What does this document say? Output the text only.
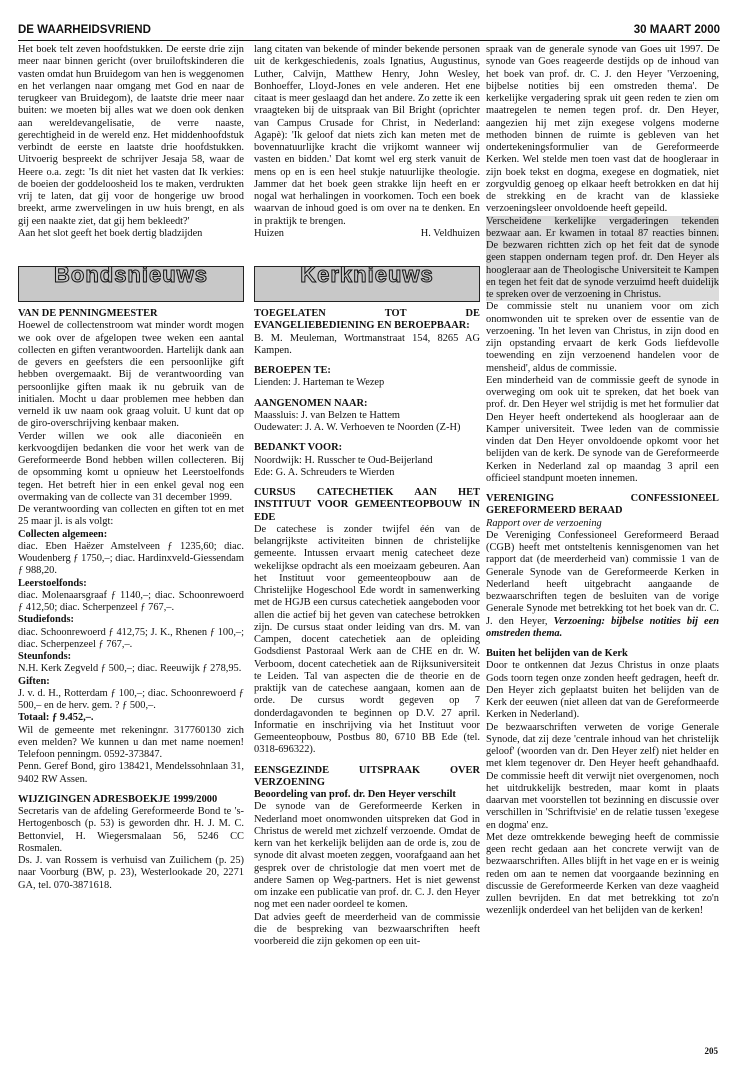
DE WAARHEIDSVRIEND	30 MAART 2000

Het boek telt zeven hoofdstukken. De eerste drie zijn meer naar binnen gericht (over bruiloftskinderen die vasten omdat hun Bruidegom van hen is weggenomen en het verlangen naar omgang met God en naar de terugkeer van Bruidegom), de laatste drie meer naar buiten: we moeten bij alles wat we doen ook denken aan wereldevangelisatie, de verre naaste, gerechtigheid in de wereld enz. Het middenhoofdstuk verbindt de eerste en laatste drie hoofdstukken. Uitvoerig bespreekt de schrijver Jesaja 58, waar de Heere o.a. zegt: 'Is dit niet het vasten dat Ik verkies: de boeien der goddeloosheid los te maken, verdrukten vrij te laten, dat gij voor de hongerige uw brood breekt, arme zwervelingen in uw huis brengt, en als gij een naakte ziet, dat gij hem bekleedt?'

Aan het slot geeft het boek dertig bladzijden

Bondsnieuws

VAN DE PENNINGMEESTER

Hoewel de collectenstroom wat minder wordt mogen we ook over de afgelopen twee weken een aantal collecten en giften verantwoorden. Hartelijk dank aan de gevers en geefsters die een persoonlijke gift hebben overgemaakt. Bij de verantwoording van persoonlijke giften maak ik nu gebruik van de initialen. Mocht u daar problemen mee hebben dan verneld ik uw naam ook graag voluit. U kunt dat op de giro-overschrijving kenbaar maken.

Verder willen we ook alle diaconieën en kerkvoogdijen bedanken die voor het werk van de Gereformeerde Bond hebben willen collecteren. Bij de opsomming komt u opnieuw het Leerstoelfonds tegen. Het betreft hier in een enkel geval nog een overmaking van de collecte van 31 december 1999.

De verantwoording van collecten en giften tot en met 25 maar jl. is als volgt:

Collecten algemeen:

diac. Eben Haëzer Amstelveen ƒ 1235,60; diac. Woudenberg ƒ 1750,–; diac. Hardinxveld-Giessendam ƒ 988,20.

Leerstoelfonds:

diac. Molenaarsgraaf ƒ 1140,–; diac. Schoonrewoerd ƒ 412,50; diac. Scherpenzeel ƒ 767,–.

Studiefonds:

diac. Schoonrewoerd ƒ 412,75; J. K., Rhenen ƒ 100,–; diac. Scherpenzeel ƒ 767,–.

Steunfonds:

N.H. Kerk Zegveld ƒ 500,–; diac. Reeuwijk ƒ 278,95.

Giften:

J. v. d. H., Rotterdam ƒ 100,–; diac. Schoonrewoerd ƒ 500,– en de herv. gem. ? ƒ 500,–.

Totaal: ƒ 9.452,–.

Wil de gemeente met rekeningnr. 317760130 zich even melden? We kunnen u dan met name noemen! Telefoon penningm. 0592-373847.

Penn. Geref Bond, giro 138421, Mendelssohnlaan 31, 9402 RW Assen.

WIJZIGINGEN ADRESBOEKJE 1999/2000

Secretaris van de afdeling Gereformeerde Bond te 's-Hertogenbosch (p. 53) is geworden dhr. H. J. M. C. Bettonviel, H. Wiegersmalaan 56, 5246 CC Rosmalen.

Ds. J. van Rossem is verhuisd van Zuilichem (p. 25) naar Voorburg (BW, p. 23), Westerlookade 20, 2271 GA, tel. 070-3871618.

lang citaten van bekende of minder bekende personen uit de kerkgeschiedenis, zoals Ignatius, Augustinus, Luther, Calvijn, Matthew Henry, John Wesley, Bonhoeffer, Lloyd-Jones en vele anderen. Het ene citaat is meer geslaagd dan het andere. Zo zette ik een vraagteken bij de uitspraak van Bil Bright (oprichter van Campus Crusade for Christ, in Nederland: Agapè): 'Ik geloof dat niets zich kan meten met de bovennatuurlijke kracht die vrijkomt wanneer wij vasten en bidden.' Dat komt wel erg sterk vanuit de mens op en is een heel stukje natuurlijke theologie. Jammer dat het boek geen strakke lijn heeft en er nogal wat herhalingen in voorkomen. Toch een boek waarvan de inhoud goed is om over na te denken. En in praktijk te brengen.

Huizen	H. Veldhuizen
Kerknieuws

TOEGELATEN TOT DE EVANGELIEBEDIENING EN BEROEPBAAR:

B. M. Meuleman, Wortmanstraat 154, 8265 AG Kampen.

BEROEPEN TE:

Lienden: J. Harteman te Wezep

AANGENOMEN NAAR:

Maassluis: J. van Belzen te Hattem

Oudewater: J. A. W. Verhoeven te Noorden (Z-H)

BEDANKT VOOR:

Noordwijk: H. Russcher te Oud-Beijerland

Ede: G. A. Schreuders te Wierden

CURSUS CATECHETIEK AAN HET INSTITUUT VOOR GEMEENTEOPBOUW IN EDE

De catechese is zonder twijfel één van de belangrijkste activiteiten binnen de christelijke gemeente. Intussen ervaart menig catecheet deze wekelijkse opdracht als een moeizaam gebeuren. Aan het Instituut voor gemeenteopbouw aan de Christelijke Hogeschool Ede wordt in samenwerking met de HGJB een cursus catechetiek aangeboden voor allen die actief bij het geven van catechese betrokken zijn. De cursus staat onder leiding van drs. M. van Campen, docent catechetiek aan de opleiding Godsdienst Pastoraal Werk aan de CHE en dr. W. Verboom, docent catechetiek aan de Rijksuniversiteit te Leiden. Tal van aspecten die de theorie en de praktijk van de catechese aangaan, komen aan de orde. De cursus wordt gegeven op 7 donderdagavonden te beginnen op D.V. 27 april. Informatie en inschrijving via het Instituut voor Gemeenteopbouw, Postbus 80, 6710 BB Ede (tel. 0318-696322).

EENSGEZINDE UITSPRAAK OVER VERZOENING

Beoordeling van prof. dr. Den Heyer verschilt

De synode van de Gereformeerde Kerken in Nederland moet onomwonden uitspreken dat God in Christus de wereld met zichzelf verzoende. Omdat de kern van het kerkelijk belijden aan de orde is, zou de synode dit alvast moeten zeggen, voorafgaand aan het gesprek over de christologie dat men voert met de andere Samen op Weg-partners. Het is niet gewenst om inzake een publicatie van prof. dr. C. J. den Heyer nog met een nader oordeel te komen.

Dat advies geeft de meerderheid van de commissie die de bespreking van bezwaarschriften heeft voorbereid die zijn gekomen op een uit-

spraak van de generale synode van Goes uit 1997. De synode van Goes reageerde destijds op de inhoud van het boek van prof. dr. C. J. den Heyer 'Verzoening, bijbelse notities bij een omstreden thema'. De kerkelijke vergadering sprak uit geen reden te zien om maatregelen te nemen tegen prof. dr. Den Heyer, aangezien hij met zijn exegese volgens moderne methoden binnen de ruimte is gebleven van het ondertekeningsformulier van de Gereformeerde Kerken. Wel stelde men toen vast dat de hoogleraar in zijn boek tekst en dogma, exegese en dogmatiek, niet zorgvuldig genoeg op elkaar heeft betrokken en dat hij de strekking en de kracht van de klassieke verzoeningsleer onvoldoende heeft gepeild.

Verscheidene kerkelijke vergaderingen tekenden bezwaar aan. Er kwamen in totaal 87 reacties binnen. De bezwaren richtten zich op het feit dat de synode geen stappen ondernam tegen prof. dr. Den Heyer als hoogleraar aan de Theologische Universiteit te Kampen en tegen het feit dat de synode verzuimd heeft duidelijk te spreken over de verzoening in Christus.

De commissie stelt nu unaniem voor om zich onomwonden uit te spreken over de essentie van de verzoening. 'In het leven van Christus, in zijn dood en zijn opstanding ervaart de kerk Gods liefdevolle toewending en zijn verzoenend handelen voor de mensheid', aldus de commissie.

Een minderheid van de commissie geeft de synode in overweging om ook uit te spreken, dat het boek van prof. dr. Den Heyer wel strijdig is met het formulier dat Den Heyer heeft ondertekend als hoogleraar aan de Kamper universiteit. Twee leden van de commissie vinden dat Den Heyer onvoldoende opkomt voor het belijden van de kerk. De synode van de Gereformeerde Kerken in Nederland zal op maandag 3 april een officieel standpunt moeten innemen.

VERENIGING CONFESSIONEEL GEREFORMEERD BERAAD

Rapport over de verzoening

De Vereniging Confessioneel Gereformeerd Beraad (CGB) heeft met ontsteltenis kennisgenomen van het rapport dat (de meerderheid van) commissie 1 van de Generale Synode van de Gereformeerde Kerken in Nederland heeft uitgebracht aangaande de bezwaarschriften tegen de besluiten van de vorige Generale Synode met betrekking tot het boek van dr. C. J. den Heyer, Verzoening: bijbelse notities bij een omstreden thema.

Buiten het belijden van de Kerk

Door te ontkennen dat Jezus Christus in onze plaats Gods toorn tegen onze zonden heeft gedragen, heeft dr. Den Heyer zich geplaatst buiten het belijden van de Kerk der eeuwen (niet alleen dat van de Gereformeerde Kerken in Nederland).

De bezwaarschriften verweten de vorige Generale Synode, dat zij deze 'centrale inhoud van het christelijk geloof' (woorden van dr. Den Heyer zelf) niet helder en met klem tegenover dr. Den Heyer heeft gehandhaafd. De commissie heeft dit verwijt niet overgenomen, noch het uitdrukkelijk bestreden, maar komt in plaats daarvan met voorstellen tot bezinning en discussie over verschillen in 'Schriftvisie' en de relatie tussen 'exegese en dogma' enz.

Met deze omtrekkende beweging heeft de commissie geen recht gedaan aan het concrete verwijt van de bezwaarschriften. Alles blijft in het vage en er is weinig reden om aan te nemen dat voorgaande bezinning en discussie de Gereformeerde Kerken van deze vaagheid zullen bevrijden. En dat met betrekking tot zo'n wezenlijk onderdeel van het belijden van de kerken!

205
